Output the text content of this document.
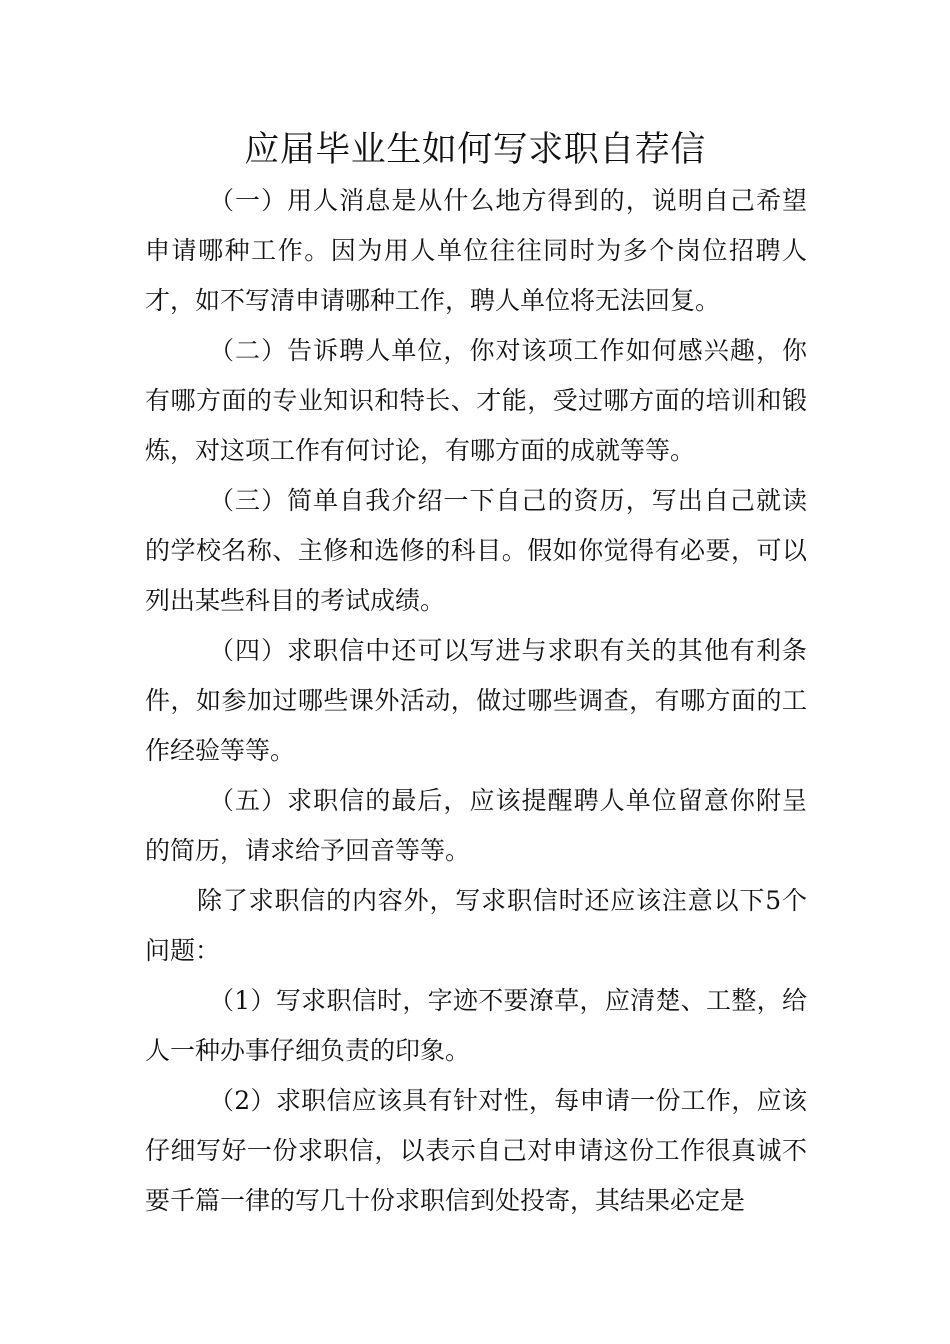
应届毕业生如何写求职自荐信

（一）用人消息是从什么地方得到的，说明自己希望申请哪种工作。因为用人单位往往同时为多个岗位招聘人才，如不写清申请哪种工作，聘人单位将无法回复。

（二）告诉聘人单位，你对该项工作如何感兴趣，你有哪方面的专业知识和特长、才能，受过哪方面的培训和锻炼，对这项工作有何讨论，有哪方面的成就等等。

（三）简单自我介绍一下自己的资历，写出自己就读的学校名称、主修和选修的科目。假如你觉得有必要，可以列出某些科目的考试成绩。

（四）求职信中还可以写进与求职有关的其他有利条件，如参加过哪些课外活动，做过哪些调查，有哪方面的工作经验等等。

（五）求职信的最后，应该提醒聘人单位留意你附呈的简历，请求给予回音等等。

除了求职信的内容外，写求职信时还应该注意以下5个问题：

（1）写求职信时，字迹不要潦草，应清楚、工整，给人一种办事仔细负责的印象。

（2）求职信应该具有针对性，每申请一份工作，应该仔细写好一份求职信，以表示自己对申请这份工作很真诚不要千篇一律的写几十份求职信到处投寄，其结果必定是
